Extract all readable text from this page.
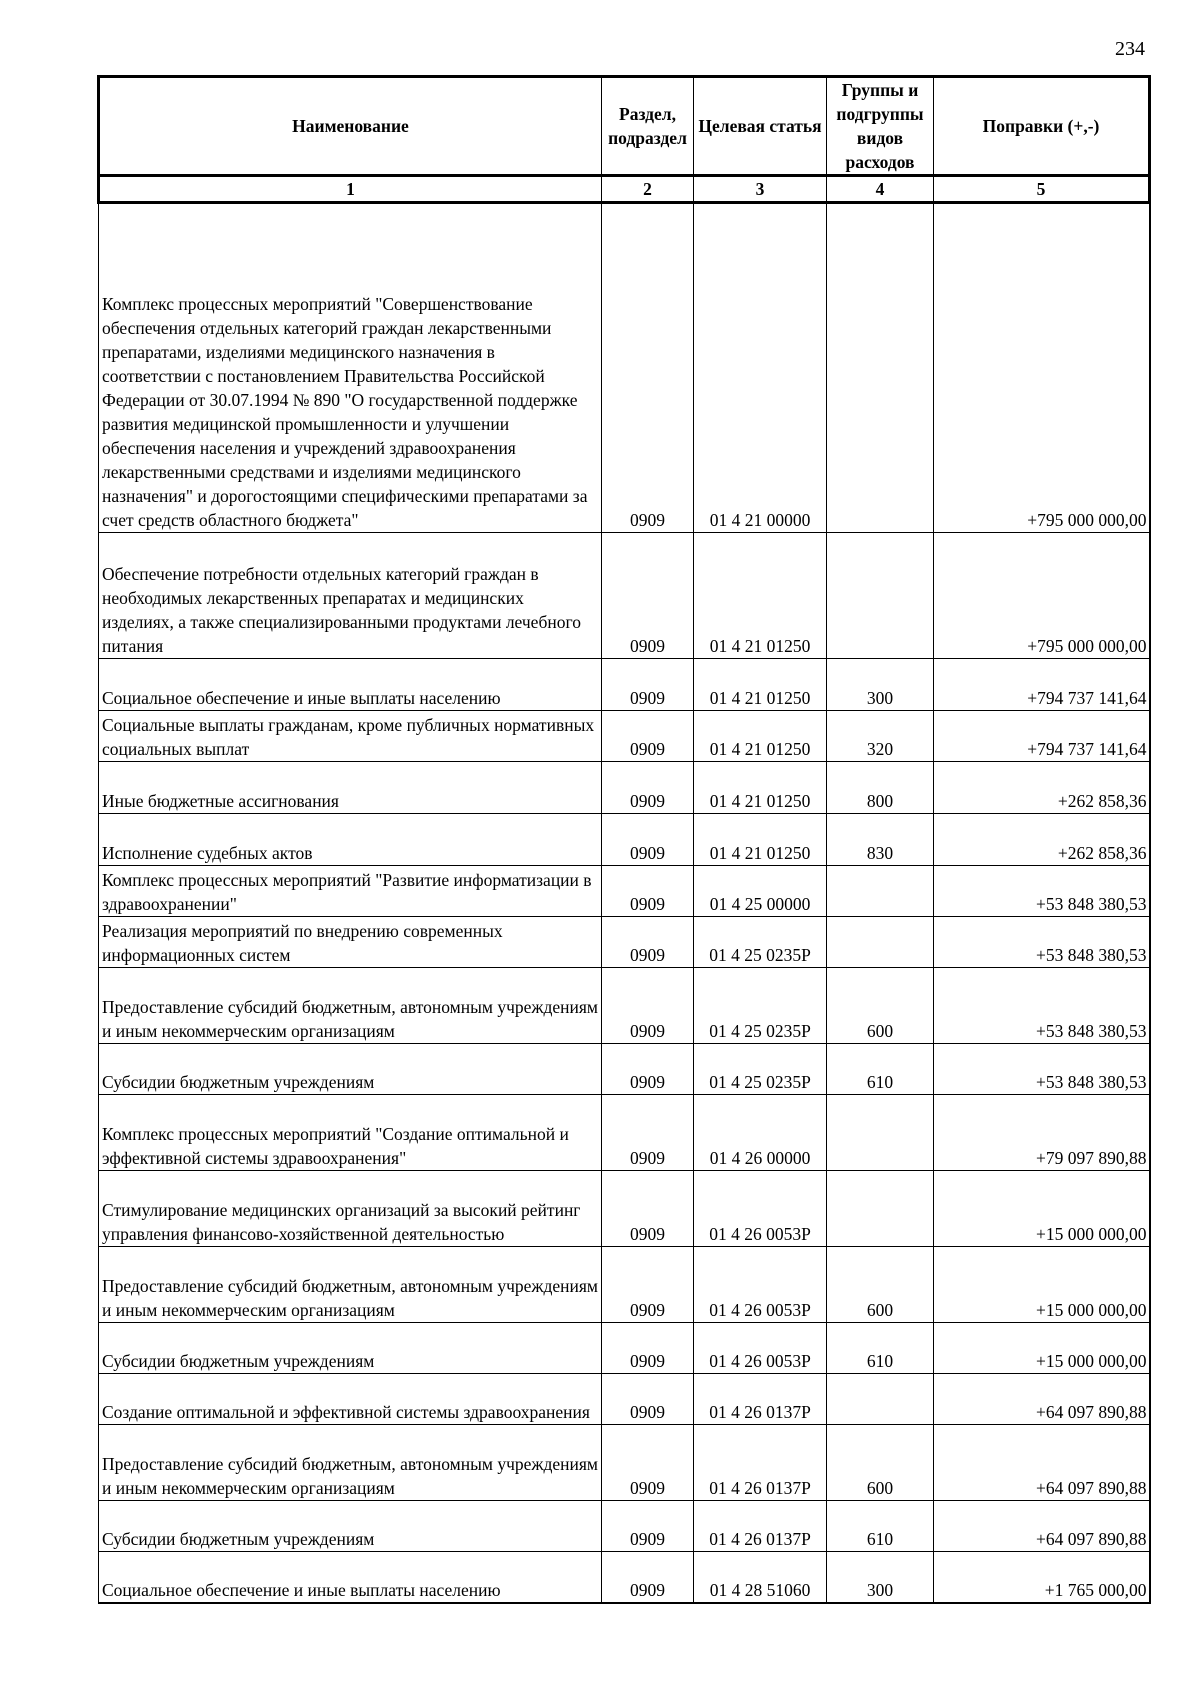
234
Наименование	Раздел, подраздел	Целевая статья	Группы и подгруппы видов расходов	Поправки (+,-)
1	2	3	4	5
Комплекс процессных мероприятий "Совершенствование обеспечения отдельных категорий граждан лекарственными препаратами, изделиями медицинского назначения в соответствии с постановлением Правительства Российской Федерации от 30.07.1994 № 890 "О государственной поддержке развития медицинской промышленности и улучшении обеспечения населения и учреждений здравоохранения лекарственными средствами и изделиями медицинского назначения" и дорогостоящими специфическими препаратами за счет средств областного бюджета"	0909	01 4 21 00000		+795 000 000,00
Обеспечение потребности отдельных категорий граждан в необходимых лекарственных препаратах и медицинских изделиях, а также специализированными продуктами лечебного питания	0909	01 4 21 01250		+795 000 000,00
Социальное обеспечение и иные выплаты населению	0909	01 4 21 01250	300	+794 737 141,64
Социальные выплаты гражданам, кроме публичных нормативных социальных выплат	0909	01 4 21 01250	320	+794 737 141,64
Иные бюджетные ассигнования	0909	01 4 21 01250	800	+262 858,36
Исполнение судебных актов	0909	01 4 21 01250	830	+262 858,36
Комплекс процессных мероприятий "Развитие информатизации в здравоохранении"	0909	01 4 25 00000		+53 848 380,53
Реализация мероприятий по внедрению современных информационных систем	0909	01 4 25 0235Р		+53 848 380,53
Предоставление субсидий бюджетным, автономным учреждениям и иным некоммерческим организациям	0909	01 4 25 0235Р	600	+53 848 380,53
Субсидии бюджетным учреждениям	0909	01 4 25 0235Р	610	+53 848 380,53
Комплекс процессных мероприятий "Создание оптимальной и эффективной системы здравоохранения"	0909	01 4 26 00000		+79 097 890,88
Стимулирование медицинских организаций за высокий рейтинг управления финансово-хозяйственной деятельностью	0909	01 4 26 0053Р		+15 000 000,00
Предоставление субсидий бюджетным, автономным учреждениям и иным некоммерческим организациям	0909	01 4 26 0053Р	600	+15 000 000,00
Субсидии бюджетным учреждениям	0909	01 4 26 0053Р	610	+15 000 000,00
Создание оптимальной и эффективной системы здравоохранения	0909	01 4 26 0137Р		+64 097 890,88
Предоставление субсидий бюджетным, автономным учреждениям и иным некоммерческим организациям	0909	01 4 26 0137Р	600	+64 097 890,88
Субсидии бюджетным учреждениям	0909	01 4 26 0137Р	610	+64 097 890,88
Социальное обеспечение и иные выплаты населению	0909	01 4 28 51060	300	+1 765 000,00
